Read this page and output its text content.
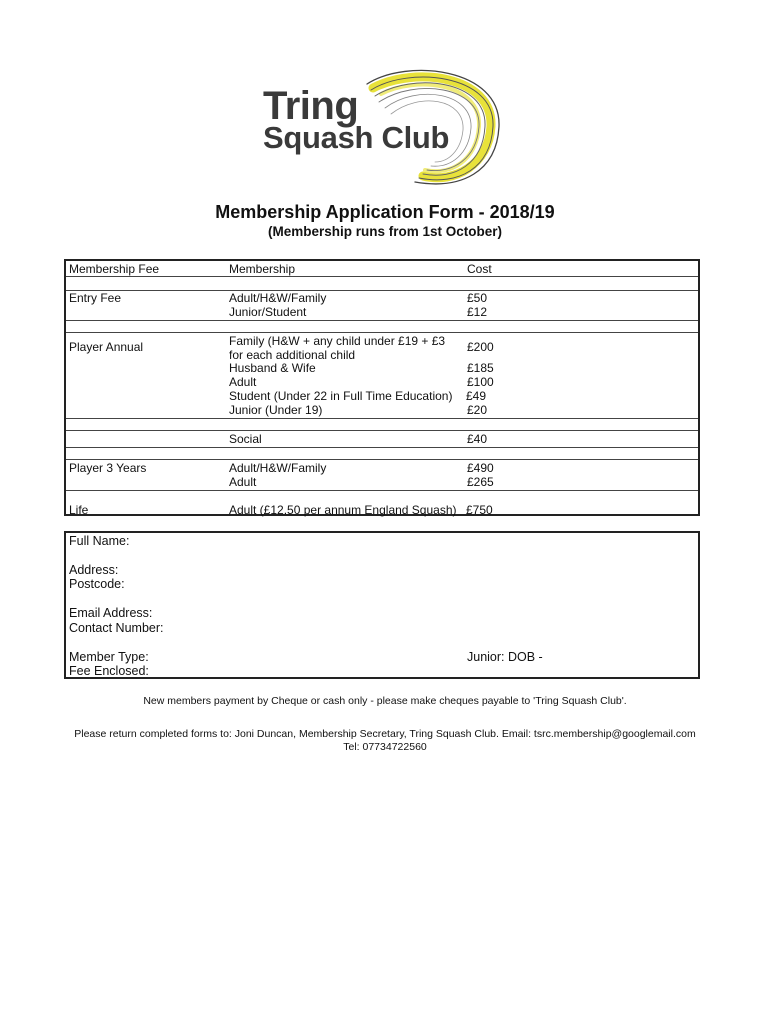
Tring
Squash Club
Membership Application Form - 2018/19
(Membership runs from 1st October)
Membership Fee	Membership	Cost
Entry Fee	Adult/H&W/Family	£50
Junior/Student	£12
Player Annual	Family (H&W + any child under £19 + £3 £200
for each additional child
Husband & Wife	£185
Adult	£100
Student (Under 22 in Full Time Education) £49
Junior (Under 19)	£20
Social	£40
Player 3 Years	Adult/H&W/Family	£490
Adult	£265
Life	Adult (£12.50 per annum England Squash) £750
Full Name:
Address:
Postcode:
Email Address:
Contact Number:
Member Type:	Junior: DOB -
Fee Enclosed:
New members payment by Cheque or cash only - please make cheques payable to 'Tring Squash Club'.
Please return completed forms to: Joni Duncan, Membership Secretary, Tring Squash Club. Email: tsrc.membership@googlemail.com
Tel: 07734722560
